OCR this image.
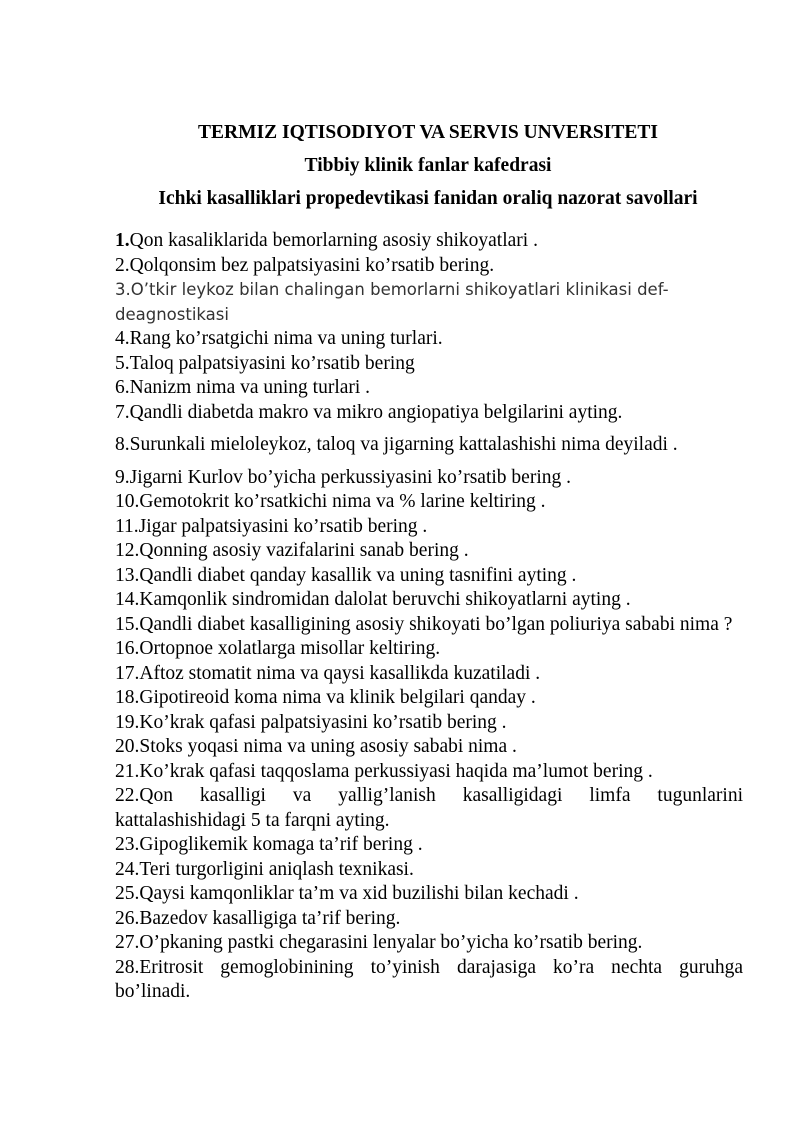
TERMIZ IQTISODIYOT VA SERVIS UNVERSITETI
Tibbiy klinik fanlar kafedrasi
Ichki kasalliklari propedevtikasi fanidan oraliq nazorat savollari

1.Qon kasaliklarida bemorlarning asosiy shikoyatlari .

2.Qolqonsim bez palpatsiyasini ko’rsatib bering.

3.O’tkir leykoz bilan chalingan bemorlarni shikoyatlari klinikasi def-deagnostikasi

4.Rang ko’rsatgichi nima va uning turlari.

5.Taloq palpatsiyasini ko’rsatib bering

6.Nanizm nima va uning turlari .

7.Qandli diabetda makro va mikro angiopatiya belgilarini ayting.

8.Surunkali mieloleykoz, taloq va jigarning kattalashishi nima deyiladi .

9.Jigarni Kurlov bo’yicha perkussiyasini ko’rsatib bering .

10.Gemotokrit ko’rsatkichi nima va % larine keltiring .

11.Jigar palpatsiyasini ko’rsatib bering .

12.Qonning asosiy vazifalarini sanab bering .

13.Qandli diabet qanday kasallik va uning tasnifini ayting .

14.Kamqonlik sindromidan dalolat beruvchi shikoyatlarni ayting .

15.Qandli diabet kasalligining asosiy shikoyati bo’lgan poliuriya sababi nima ?

16.Ortopnoe xolatlarga misollar keltiring.

17.Aftoz stomatit nima va qaysi kasallikda kuzatiladi .

18.Gipotireoid koma nima va klinik belgilari qanday .

19.Ko’krak qafasi palpatsiyasini ko’rsatib bering .

20.Stoks yoqasi nima va uning asosiy sababi nima .

21.Ko’krak qafasi taqqoslama perkussiyasi haqida ma’lumot bering .

22.Qon kasalligi va yallig’lanish kasalligidagi limfa tugunlarini kattalashishidagi 5 ta farqni ayting.

23.Gipoglikemik komaga ta’rif bering .

24.Teri turgorligini aniqlash texnikasi.

25.Qaysi kamqonliklar ta’m va xid buzilishi bilan kechadi .

26.Bazedov kasalligiga ta’rif bering.

27.O’pkaning pastki chegarasini lenyalar bo’yicha ko’rsatib bering.

28.Eritrosit gemoglobinining to’yinish darajasiga ko’ra nechta guruhga bo’linadi.
